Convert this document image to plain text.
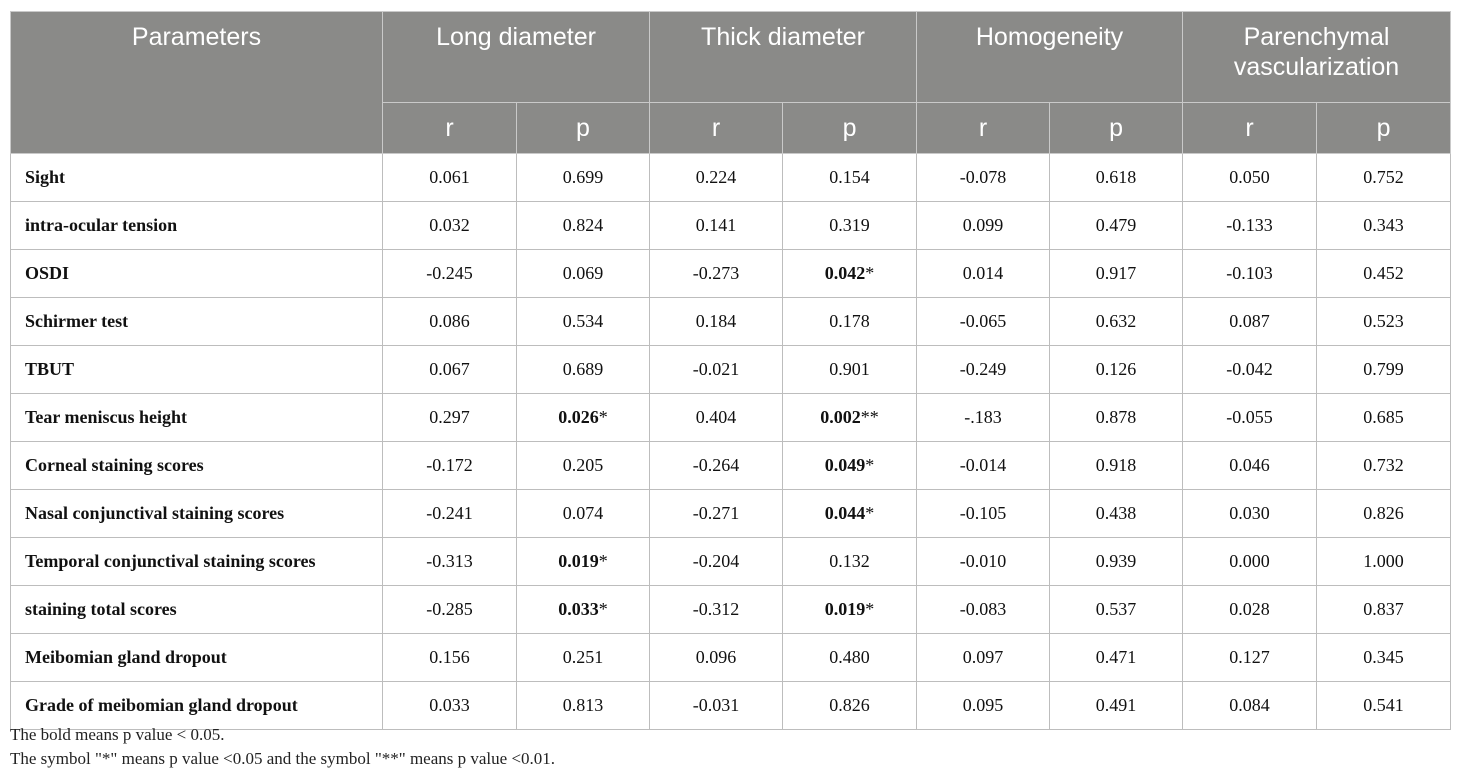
Parameters	Long diameter		Thick diameter		Homogeneity		Parenchymal vascularization	
	r	p	r	p	r	p	r	p
Sight	0.061	0.699	0.224	0.154	-0.078	0.618	0.050	0.752
intra-ocular tension	0.032	0.824	0.141	0.319	0.099	0.479	-0.133	0.343
OSDI	-0.245	0.069	-0.273	0.042*	0.014	0.917	-0.103	0.452
Schirmer test	0.086	0.534	0.184	0.178	-0.065	0.632	0.087	0.523
TBUT	0.067	0.689	-0.021	0.901	-0.249	0.126	-0.042	0.799
Tear meniscus height	0.297	0.026*	0.404	0.002**	-.183	0.878	-0.055	0.685
Corneal staining scores	-0.172	0.205	-0.264	0.049*	-0.014	0.918	0.046	0.732
Nasal conjunctival staining scores	-0.241	0.074	-0.271	0.044*	-0.105	0.438	0.030	0.826
Temporal conjunctival staining scores	-0.313	0.019*	-0.204	0.132	-0.010	0.939	0.000	1.000
staining total scores	-0.285	0.033*	-0.312	0.019*	-0.083	0.537	0.028	0.837
Meibomian gland dropout	0.156	0.251	0.096	0.480	0.097	0.471	0.127	0.345
Grade of meibomian gland dropout	0.033	0.813	-0.031	0.826	0.095	0.491	0.084	0.541
The bold means p value < 0.05.
The symbol "*" means p value <0.05 and the symbol "**" means p value <0.01.
